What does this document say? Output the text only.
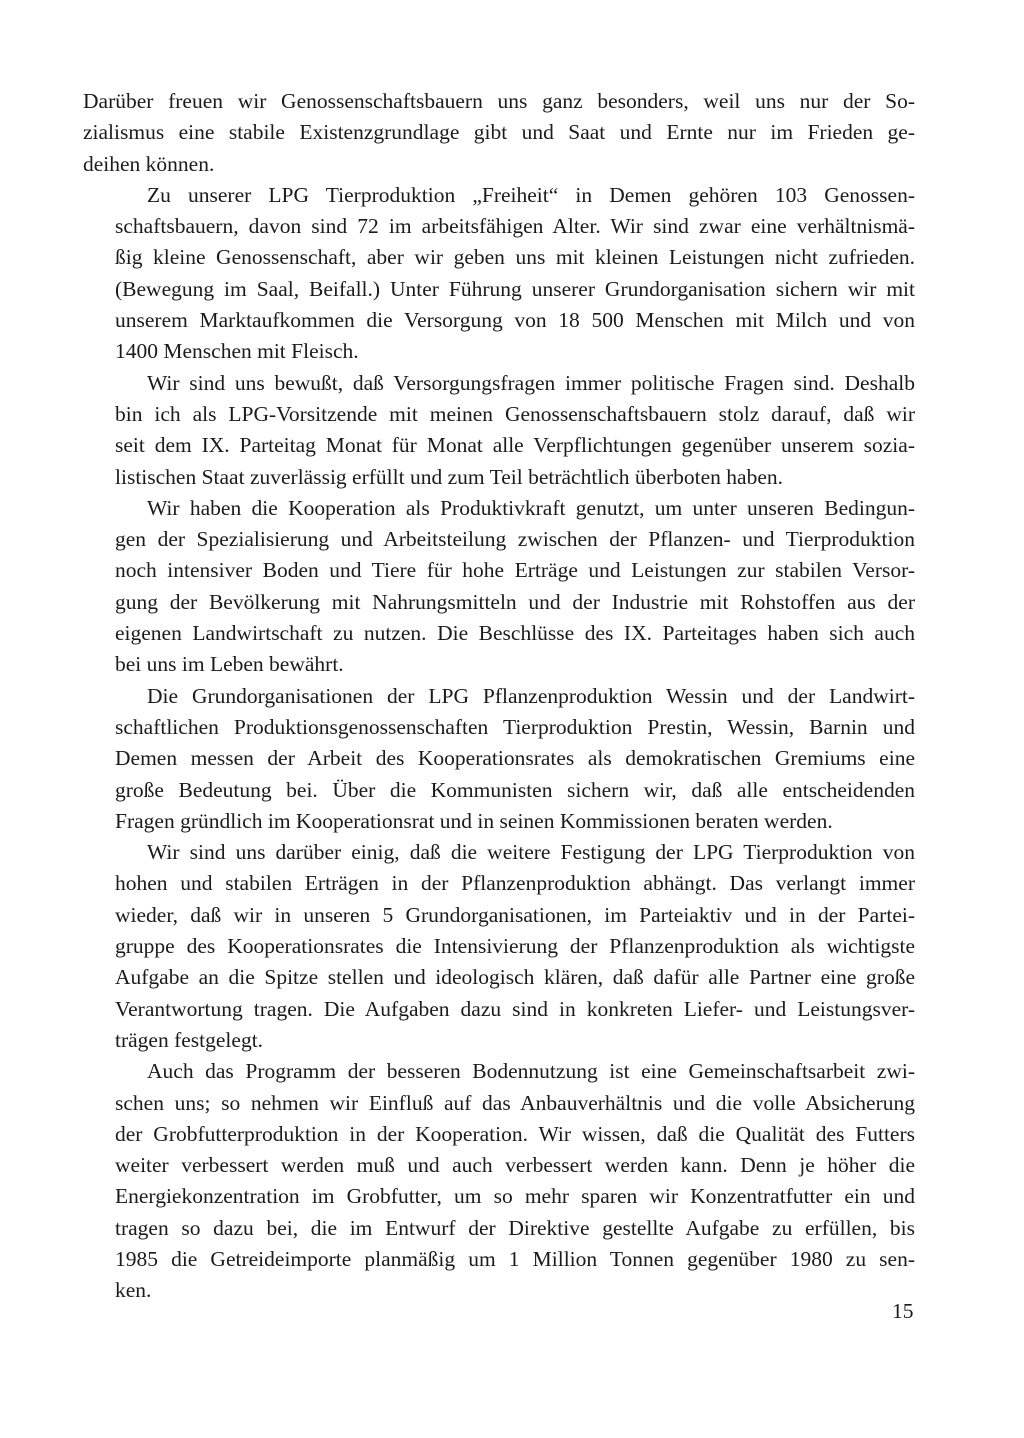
Darüber freuen wir Genossenschaftsbauern uns ganz besonders, weil uns nur der So-
zialismus eine stabile Existenzgrundlage gibt und Saat und Ernte nur im Frieden ge-
deihen können.
Zu unserer LPG Tierproduktion „Freiheit“ in Demen gehören 103 Genossen-
schaftsbauern, davon sind 72 im arbeitsfähigen Alter. Wir sind zwar eine verhältnismä-
ßig kleine Genossenschaft, aber wir geben uns mit kleinen Leistungen nicht zufrieden.
(Bewegung im Saal, Beifall.) Unter Führung unserer Grundorganisation sichern wir mit
unserem Marktaufkommen die Versorgung von 18 500 Menschen mit Milch und von
1400 Menschen mit Fleisch.
Wir sind uns bewußt, daß Versorgungsfragen immer politische Fragen sind. Deshalb
bin ich als LPG-Vorsitzende mit meinen Genossenschaftsbauern stolz darauf, daß wir
seit dem IX. Parteitag Monat für Monat alle Verpflichtungen gegenüber unserem sozia-
listischen Staat zuverlässig erfüllt und zum Teil beträchtlich überboten haben.
Wir haben die Kooperation als Produktivkraft genutzt, um unter unseren Bedingun-
gen der Spezialisierung und Arbeitsteilung zwischen der Pflanzen- und Tierproduktion
noch intensiver Boden und Tiere für hohe Erträge und Leistungen zur stabilen Versor-
gung der Bevölkerung mit Nahrungsmitteln und der Industrie mit Rohstoffen aus der
eigenen Landwirtschaft zu nutzen. Die Beschlüsse des IX. Parteitages haben sich auch
bei uns im Leben bewährt.
Die Grundorganisationen der LPG Pflanzenproduktion Wessin und der Landwirt-
schaftlichen Produktionsgenossenschaften Tierproduktion Prestin, Wessin, Barnin und
Demen messen der Arbeit des Kooperationsrates als demokratischen Gremiums eine
große Bedeutung bei. Über die Kommunisten sichern wir, daß alle entscheidenden
Fragen gründlich im Kooperationsrat und in seinen Kommissionen beraten werden.
Wir sind uns darüber einig, daß die weitere Festigung der LPG Tierproduktion von
hohen und stabilen Erträgen in der Pflanzenproduktion abhängt. Das verlangt immer
wieder, daß wir in unseren 5 Grundorganisationen, im Parteiaktiv und in der Partei-
gruppe des Kooperationsrates die Intensivierung der Pflanzenproduktion als wichtigste
Aufgabe an die Spitze stellen und ideologisch klären, daß dafür alle Partner eine große
Verantwortung tragen. Die Aufgaben dazu sind in konkreten Liefer- und Leistungsver-
trägen festgelegt.
Auch das Programm der besseren Bodennutzung ist eine Gemeinschaftsarbeit zwi-
schen uns; so nehmen wir Einfluß auf das Anbauverhältnis und die volle Absicherung
der Grobfutterproduktion in der Kooperation. Wir wissen, daß die Qualität des Futters
weiter verbessert werden muß und auch verbessert werden kann. Denn je höher die
Energiekonzentration im Grobfutter, um so mehr sparen wir Konzentratfutter ein und
tragen so dazu bei, die im Entwurf der Direktive gestellte Aufgabe zu erfüllen, bis
1985 die Getreideimporte planmäßig um 1 Million Tonnen gegenüber 1980 zu sen-
ken.
15
